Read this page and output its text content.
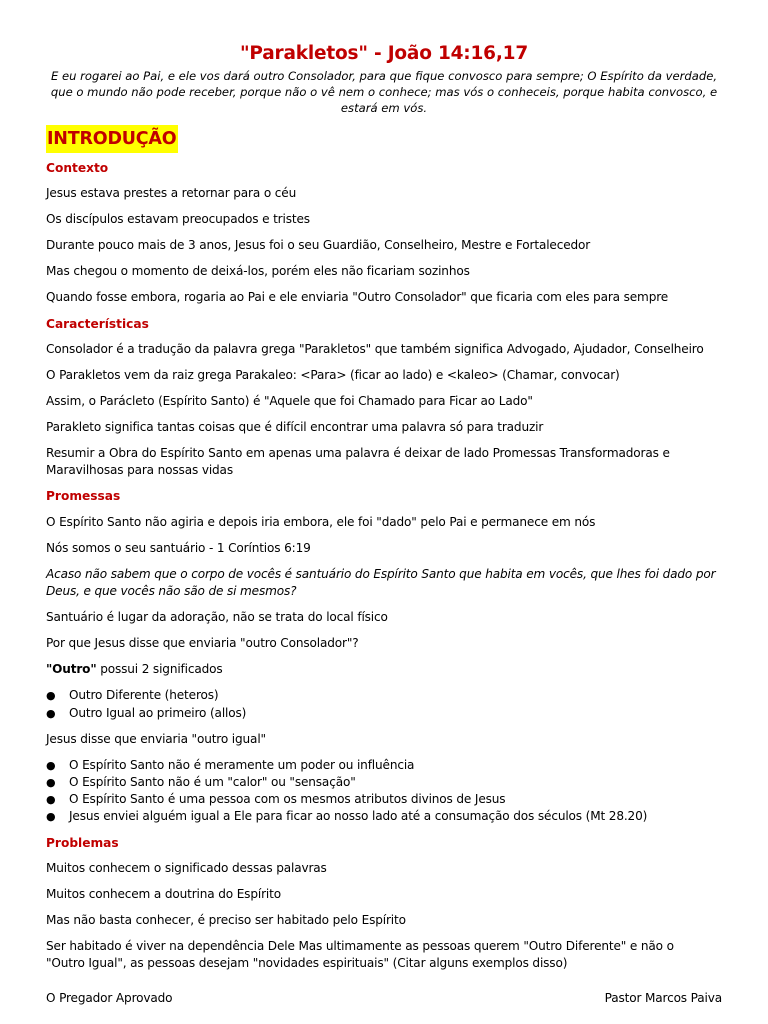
"Parakletos" - João 14:16,17
E eu rogarei ao Pai, e ele vos dará outro Consolador, para que fique convosco para sempre; O Espírito da verdade, que o mundo não pode receber, porque não o vê nem o conhece; mas vós o conheceis, porque habita convosco, e estará em vós.
INTRODUÇÃO
Contexto
Jesus estava prestes a retornar para o céu
Os discípulos estavam preocupados e tristes
Durante pouco mais de 3 anos, Jesus foi o seu Guardião, Conselheiro, Mestre e Fortalecedor
Mas chegou o momento de deixá-los, porém eles não ficariam sozinhos
Quando fosse embora, rogaria ao Pai e ele enviaria "Outro Consolador" que ficaria com eles para sempre
Características
Consolador é a tradução da palavra grega "Parakletos" que também significa Advogado, Ajudador, Conselheiro
O Parakletos vem da raiz grega Parakaleo: <Para> (ficar ao lado) e <kaleo> (Chamar, convocar)
Assim, o Parácleto (Espírito Santo) é "Aquele que foi Chamado para Ficar ao Lado"
Parakleto significa tantas coisas que é difícil encontrar uma palavra só para traduzir
Resumir a Obra do Espírito Santo em apenas uma palavra é deixar de lado Promessas Transformadoras e Maravilhosas para nossas vidas
Promessas
O Espírito Santo não agiria e depois iria embora, ele foi "dado" pelo Pai e permanece em nós
Nós somos o seu santuário - 1 Coríntios 6:19
Acaso não sabem que o corpo de vocês é santuário do Espírito Santo que habita em vocês, que lhes foi dado por Deus, e que vocês não são de si mesmos?
Santuário é lugar da adoração, não se trata do local físico
Por que Jesus disse que enviaria "outro Consolador"?
"Outro" possui 2 significados
●	Outro Diferente (heteros)
●	Outro Igual ao primeiro (allos)
Jesus disse que enviaria "outro igual"
●	O Espírito Santo não é meramente um poder ou influência
●	O Espírito Santo não é um "calor" ou "sensação"
●	O Espírito Santo é uma pessoa com os mesmos atributos divinos de Jesus
●	Jesus enviei alguém igual a Ele para ficar ao nosso lado até a consumação dos séculos (Mt 28.20)
Problemas
Muitos conhecem o significado dessas palavras
Muitos conhecem a doutrina do Espírito
Mas não basta conhecer, é preciso ser habitado pelo Espírito
Ser habitado é viver na dependência Dele Mas ultimamente as pessoas querem "Outro Diferente" e não o "Outro Igual", as pessoas desejam "novidades espirituais" (Citar alguns exemplos disso)
O Pregador Aprovado	Pastor Marcos Paiva
